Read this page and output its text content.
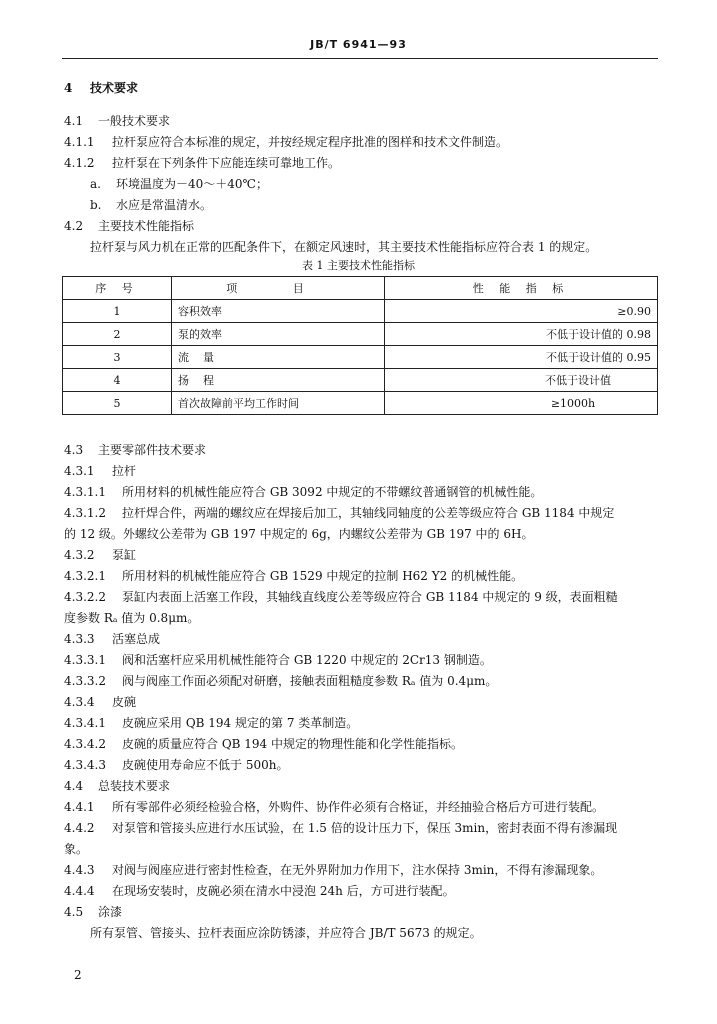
JB/T 6941—93
4 技术要求
4.1 一般技术要求
4.1.1 拉杆泵应符合本标准的规定，并按经规定程序批准的图样和技术文件制造。
4.1.2 拉杆泵在下列条件下应能连续可靠地工作。
a. 环境温度为－40～＋40℃；
b. 水应是常温清水。
4.2 主要技术性能指标
拉杆泵与风力机在正常的匹配条件下，在额定风速时，其主要技术性能指标应符合表 1 的规定。
表 1 主要技术性能指标
序 号	项 目	性 能 指 标
1	容积效率	≥0.90
2	泵的效率	不低于设计值的 0.98
3	流    量	不低于设计值的 0.95
4	扬    程	不低于设计值
5	首次故障前平均工作时间	≥1000h
4.3 主要零部件技术要求
4.3.1 拉杆
4.3.1.1 所用材料的机械性能应符合 GB 3092 中规定的不带螺纹普通钢管的机械性能。
4.3.1.2 拉杆焊合件，两端的螺纹应在焊接后加工，其轴线同轴度的公差等级应符合 GB 1184 中规定
的 12 级。外螺纹公差带为 GB 197 中规定的 6g，内螺纹公差带为 GB 197 中的 6H。
4.3.2 泵缸
4.3.2.1 所用材料的机械性能应符合 GB 1529 中规定的拉制 H62 Y2 的机械性能。
4.3.2.2 泵缸内表面上活塞工作段，其轴线直线度公差等级应符合 GB 1184 中规定的 9 级，表面粗糙
度参数 Rₐ 值为 0.8μm。
4.3.3 活塞总成
4.3.3.1 阀和活塞杆应采用机械性能符合 GB 1220 中规定的 2Cr13 钢制造。
4.3.3.2 阀与阀座工作面必须配对研磨，接触表面粗糙度参数 Rₐ 值为 0.4μm。
4.3.4 皮碗
4.3.4.1 皮碗应采用 QB 194 规定的第 7 类革制造。
4.3.4.2 皮碗的质量应符合 QB 194 中规定的物理性能和化学性能指标。
4.3.4.3 皮碗使用寿命应不低于 500h。
4.4 总装技术要求
4.4.1 所有零部件必须经检验合格，外购件、协作件必须有合格证，并经抽验合格后方可进行装配。
4.4.2 对泵管和管接头应进行水压试验，在 1.5 倍的设计压力下，保压 3min，密封表面不得有渗漏现
象。
4.4.3 对阀与阀座应进行密封性检查，在无外界附加力作用下，注水保持 3min，不得有渗漏现象。
4.4.4 在现场安装时，皮碗必须在清水中浸泡 24h 后，方可进行装配。
4.5 涂漆
所有泵管、管接头、拉杆表面应涂防锈漆，并应符合 JB/T 5673 的规定。
2
